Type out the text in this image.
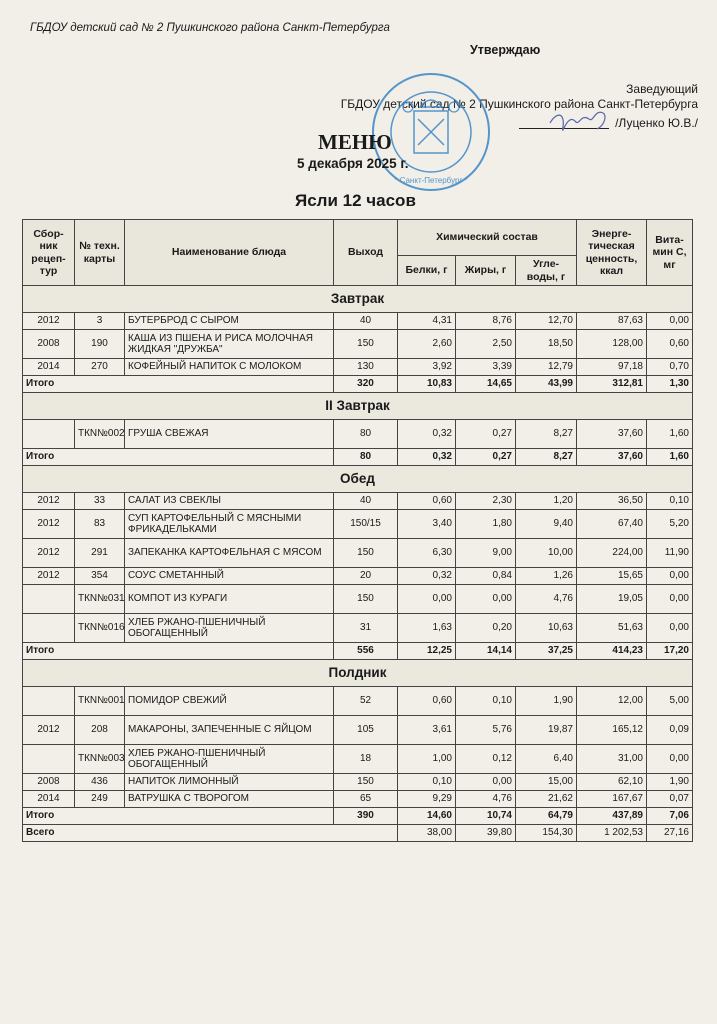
ГБДОУ детский сад № 2 Пушкинского района Санкт-Петербурга
Утверждаю
Заведующий
ГБДОУ детский сад № 2 Пушкинского района Санкт-Петербурга
/Луценко Ю.В./
* Санкт-Петербург *
МЕНЮ
5 декабря 2025 г.
Ясли 12 часов
Сбор-ник рецеп-тур	№ техн. карты	Наименование блюда	Выход	Химический состав			Энерге-тическая ценность, ккал	Вита-мин С, мг
				Белки, г	Жиры, г	Угле-воды, г		
Завтрак								
2012	3	БУТЕРБРОД С СЫРОМ	40	4,31	8,76	12,70	87,63	0,00
2008	190	КАША ИЗ ПШЕНА И РИСА МОЛОЧНАЯ ЖИДКАЯ "ДРУЖБА"	150	2,60	2,50	18,50	128,00	0,60
2014	270	КОФЕЙНЫЙ НАПИТОК С МОЛОКОМ	130	3,92	3,39	12,79	97,18	0,70
Итого			320	10,83	14,65	43,99	312,81	1,30
II Завтрак								
	ТКN№002	ГРУША СВЕЖАЯ	80	0,32	0,27	8,27	37,60	1,60
Итого			80	0,32	0,27	8,27	37,60	1,60
Обед								
2012	33	САЛАТ ИЗ СВЕКЛЫ	40	0,60	2,30	1,20	36,50	0,10
2012	83	СУП КАРТОФЕЛЬНЫЙ С МЯСНЫМИ ФРИКАДЕЛЬКАМИ	150/15	3,40	1,80	9,40	67,40	5,20
2012	291	ЗАПЕКАНКА КАРТОФЕЛЬНАЯ С МЯСОМ	150	6,30	9,00	10,00	224,00	11,90
2012	354	СОУС СМЕТАННЫЙ	20	0,32	0,84	1,26	15,65	0,00
	ТКN№031	КОМПОТ ИЗ КУРАГИ	150	0,00	0,00	4,76	19,05	0,00
	ТКN№016	ХЛЕБ РЖАНО-ПШЕНИЧНЫЙ ОБОГАЩЕННЫЙ	31	1,63	0,20	10,63	51,63	0,00
Итого			556	12,25	14,14	37,25	414,23	17,20
Полдник								
	ТКN№001	ПОМИДОР СВЕЖИЙ	52	0,60	0,10	1,90	12,00	5,00
2012	208	МАКАРОНЫ, ЗАПЕЧЕННЫЕ С ЯЙЦОМ	105	3,61	5,76	19,87	165,12	0,09
	ТКN№003	ХЛЕБ РЖАНО-ПШЕНИЧНЫЙ ОБОГАЩЕННЫЙ	18	1,00	0,12	6,40	31,00	0,00
2008	436	НАПИТОК ЛИМОННЫЙ	150	0,10	0,00	15,00	62,10	1,90
2014	249	ВАТРУШКА С ТВОРОГОМ	65	9,29	4,76	21,62	167,67	0,07
Итого			390	14,60	10,74	64,79	437,89	7,06
Всего				38,00	39,80	154,30	1 202,53	27,16
